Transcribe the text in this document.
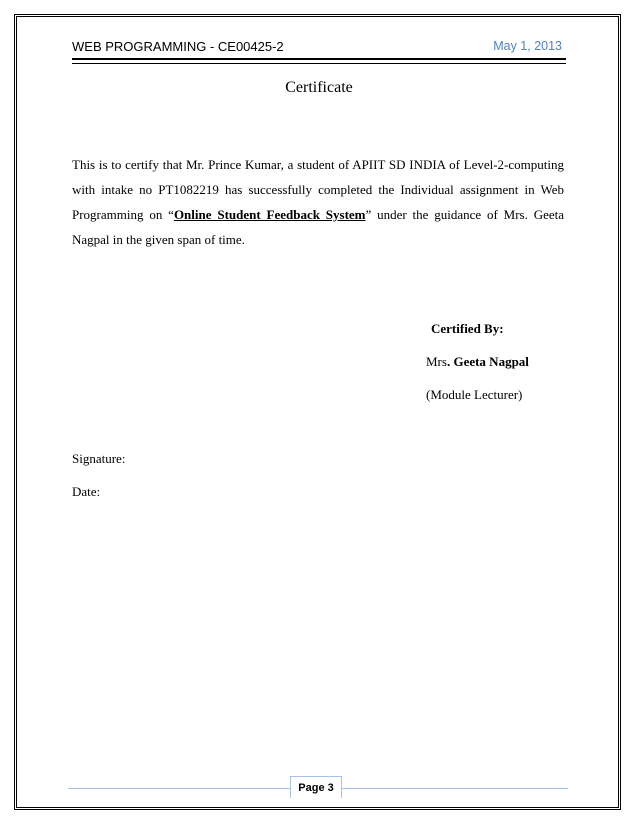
WEB PROGRAMMING - CE00425-2	May 1, 2013
Certificate
This is to certify that Mr. Prince Kumar, a student of APIIT SD INDIA of Level-2-computing
with intake no PT1082219 has successfully completed the Individual assignment in Web
Programming on “Online Student Feedback System” under the guidance of Mrs. Geeta
Nagpal in the given span of time.
Certified By:
Mrs. Geeta Nagpal
(Module Lecturer)
Signature:
Date:
Page 3
